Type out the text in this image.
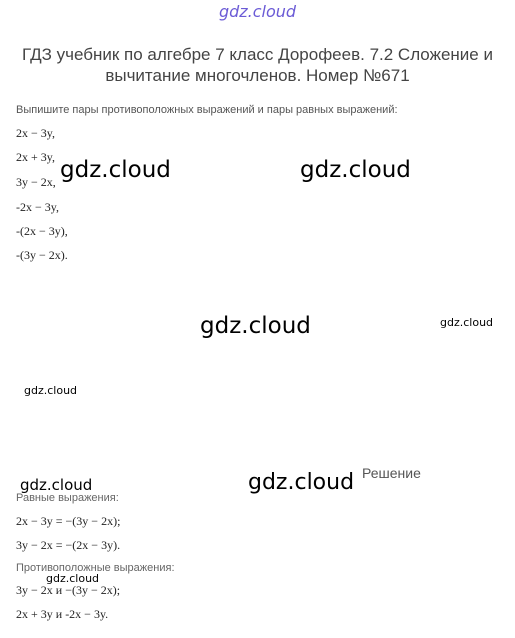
gdz.cloud
ГДЗ учебник по алгебре 7 класс Дорофеев. 7.2 Сложение и вычитание многочленов. Номер №671
Выпишите пары противоположных выражений и пары равных выражений:
2x − 3y,
2x + 3y,
3y − 2x,
-2x − 3y,
-(2x − 3y),
-(3y − 2x).
gdz.cloud	gdz.cloud
gdz.cloud	gdz.cloud
gdz.cloud
gdz.cloud	gdz.cloud
gdz.cloud
Решение
Равные выражения:
2x − 3y = −(3y − 2x);
3y − 2x = −(2x − 3y).
Противоположные выражения:
3y − 2x и −(3y − 2x);
2x + 3y и -2x − 3y.
